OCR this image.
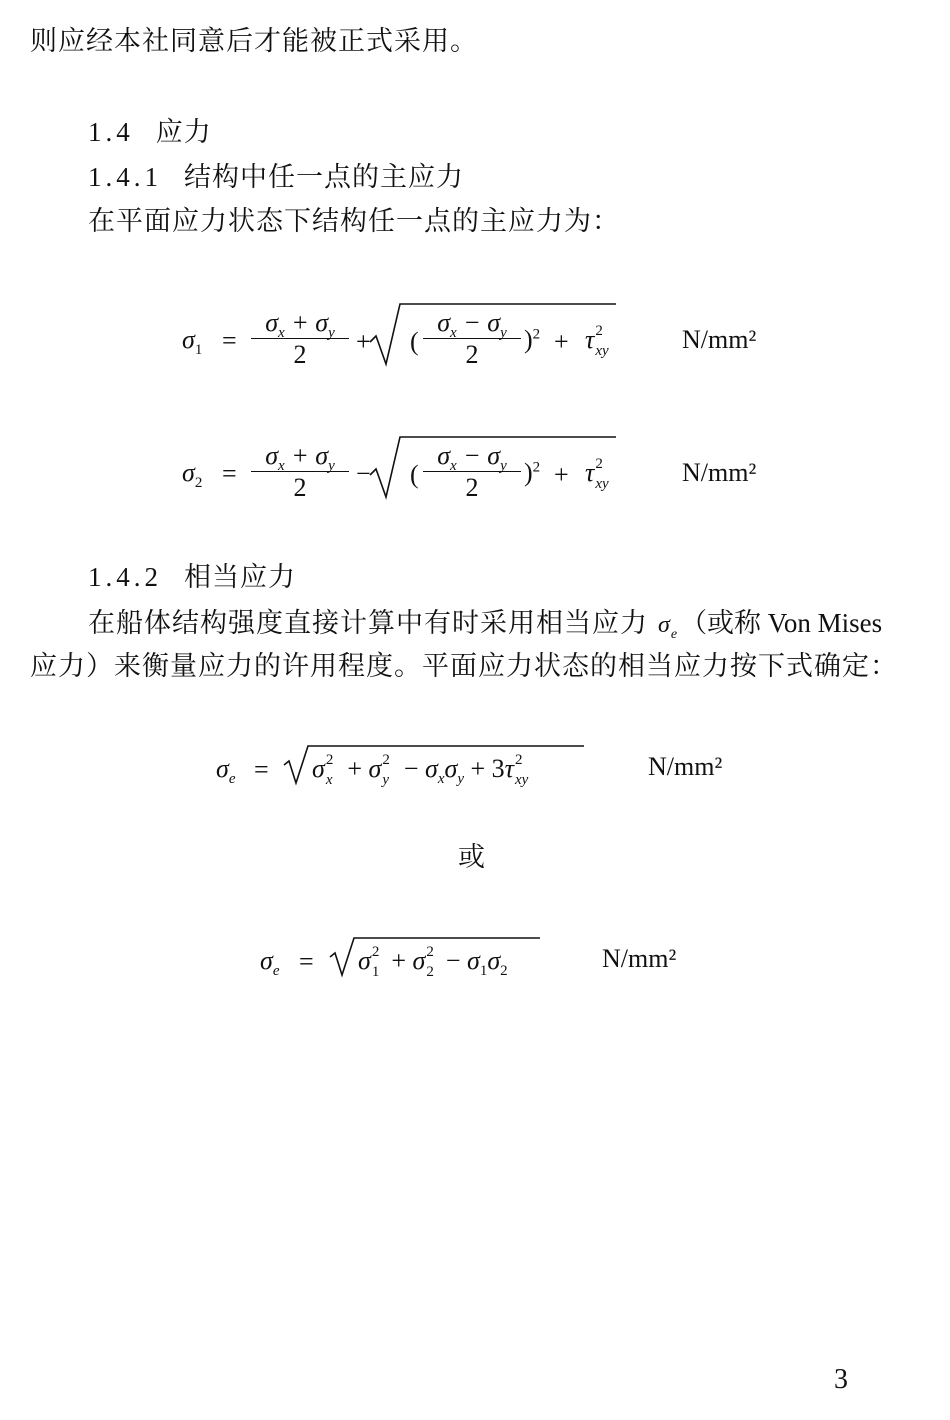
则应经本社同意后才能被正式采用。
1.4 应力
1.4.1 结构中任一点的主应力
在平面应力状态下结构任一点的主应力为：
$\sigma_1$ =
$\sigma_x + \sigma_y$
2	+ (
$\sigma_x - \sigma_y$
2
)$^2$ + τ 2
xy	N/mm²
$\sigma_2$ =
$\sigma_x + \sigma_y$
2	− (
$\sigma_x - \sigma_y$
2
)$^2$ + τ 2
xy	N/mm²
1.4.2 相当应力
在船体结构强度直接计算中有时采用相当应力 $\sigma_e$（或称 Von Mises
应力）来衡量应力的许用程度。平面应力状态的相当应力按下式确定：
$\sigma_e = \sigma$ 2
x + σ 2
$y - \sigma_x\sigma_y + 3\tau$ 2
xy	N/mm²
或
$\sigma_e = \sigma$ 2
1 + σ 2
$2 - \sigma_1\sigma_2$	N/mm²
3
